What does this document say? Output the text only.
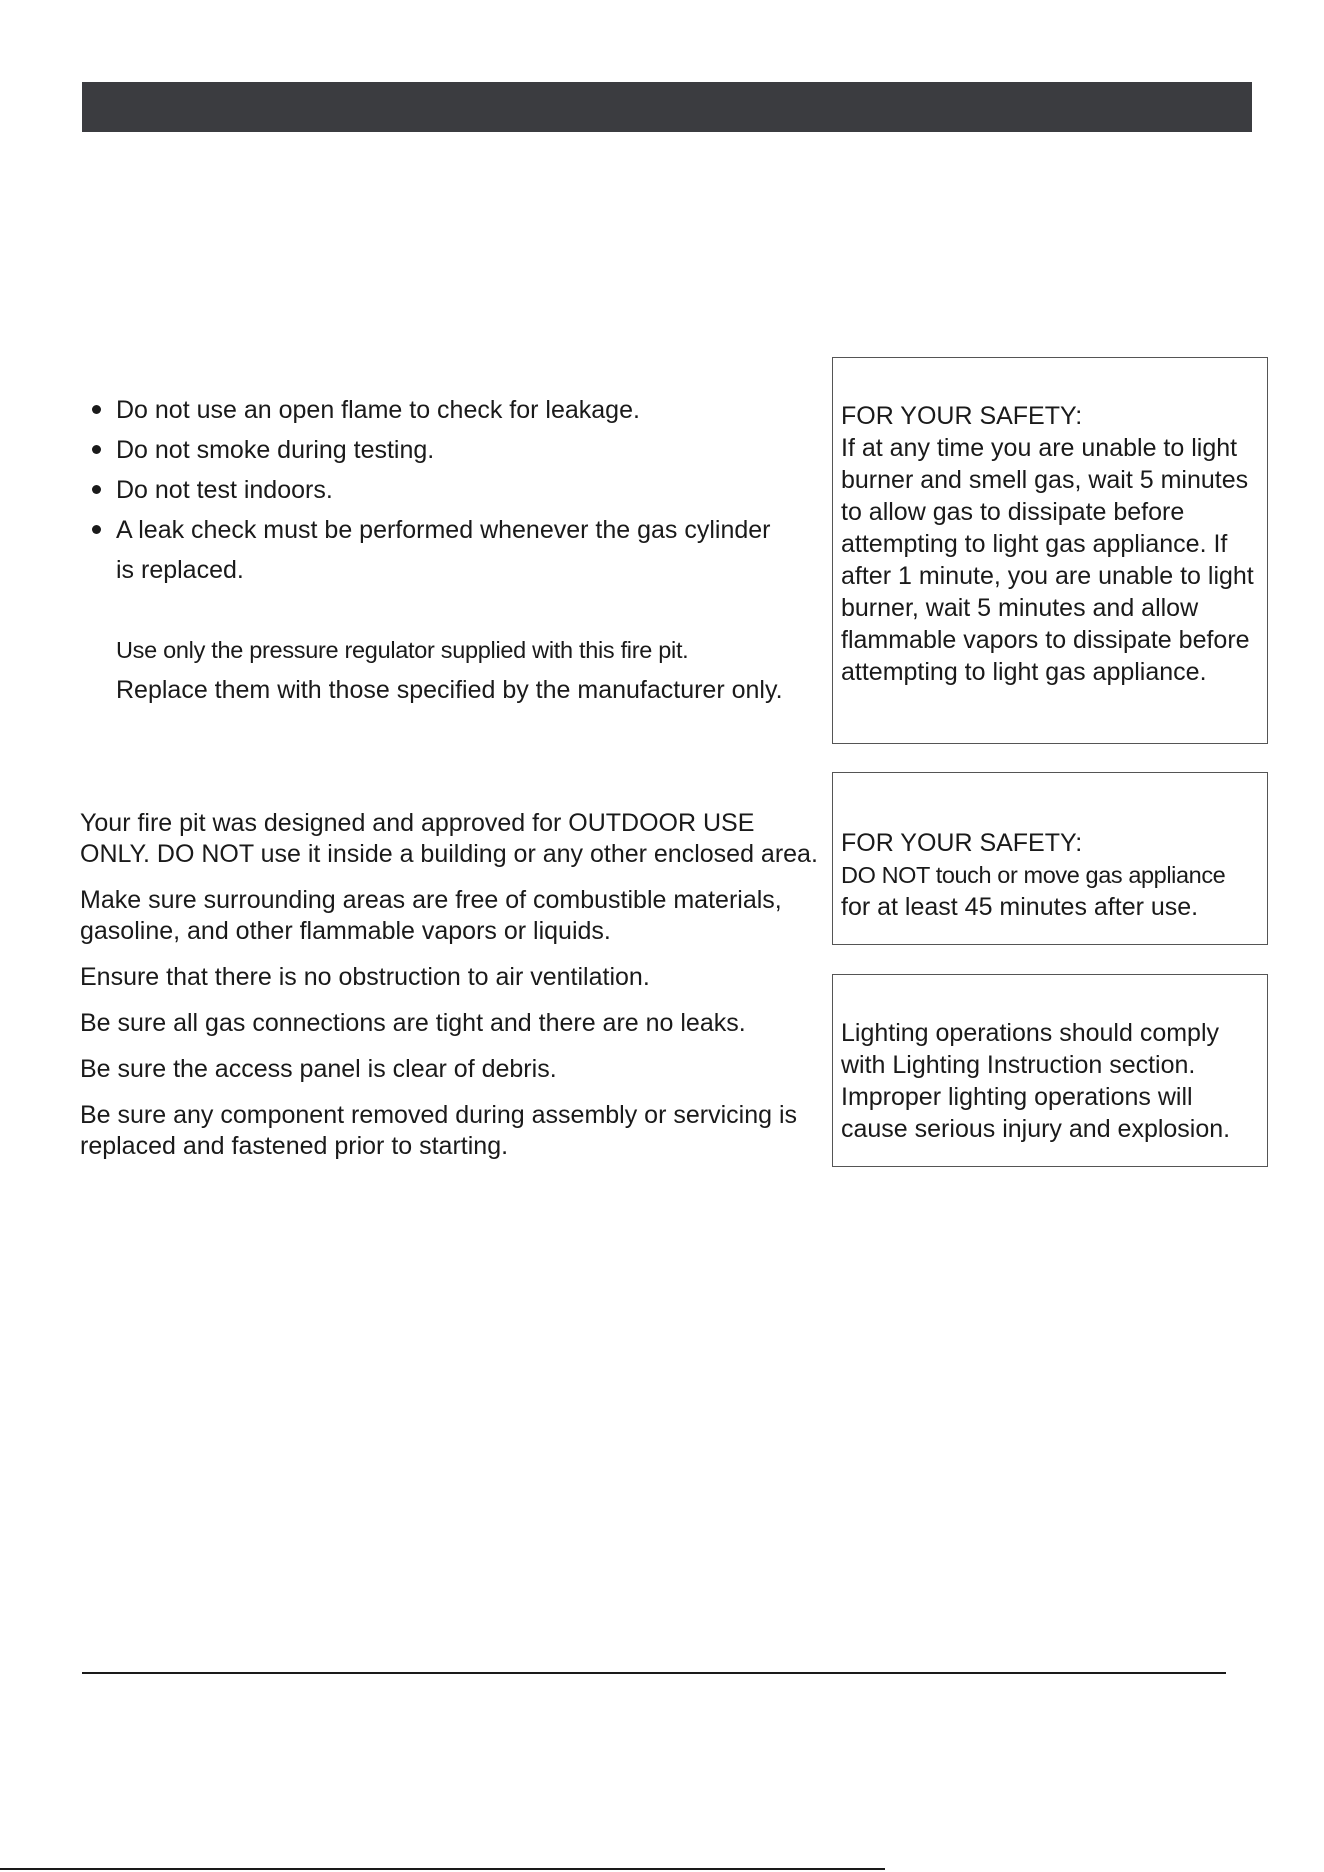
Do not use an open flame to check for leakage.
Do not smoke during testing.
Do not test indoors.
A leak check must be performed whenever the gas cylinder is replaced.
Use only the pressure regulator supplied with this fire pit.
Replace them with those specified by the manufacturer only.

Your fire pit was designed and approved for OUTDOOR USE ONLY. DO NOT use it inside a building or any other enclosed area.

Make sure surrounding areas are free of combustible materials, gasoline, and other flammable vapors or liquids.

Ensure that there is no obstruction to air ventilation.

Be sure all gas connections are tight and there are no leaks.

Be sure the access panel is clear of debris.

Be sure any component removed during assembly or servicing is replaced and fastened prior to starting.

FOR YOUR SAFETY:
If at any time you are unable to light burner and smell gas, wait 5 minutes to allow gas to dissipate before attempting to light gas appliance. If after 1 minute, you are unable to light burner, wait 5 minutes and allow flammable vapors to dissipate before attempting to light gas appliance.
FOR YOUR SAFETY:
DO NOT touch or move gas appliance
for at least 45 minutes after use.
Lighting operations should comply with Lighting Instruction section. Improper lighting operations will cause serious injury and explosion.
